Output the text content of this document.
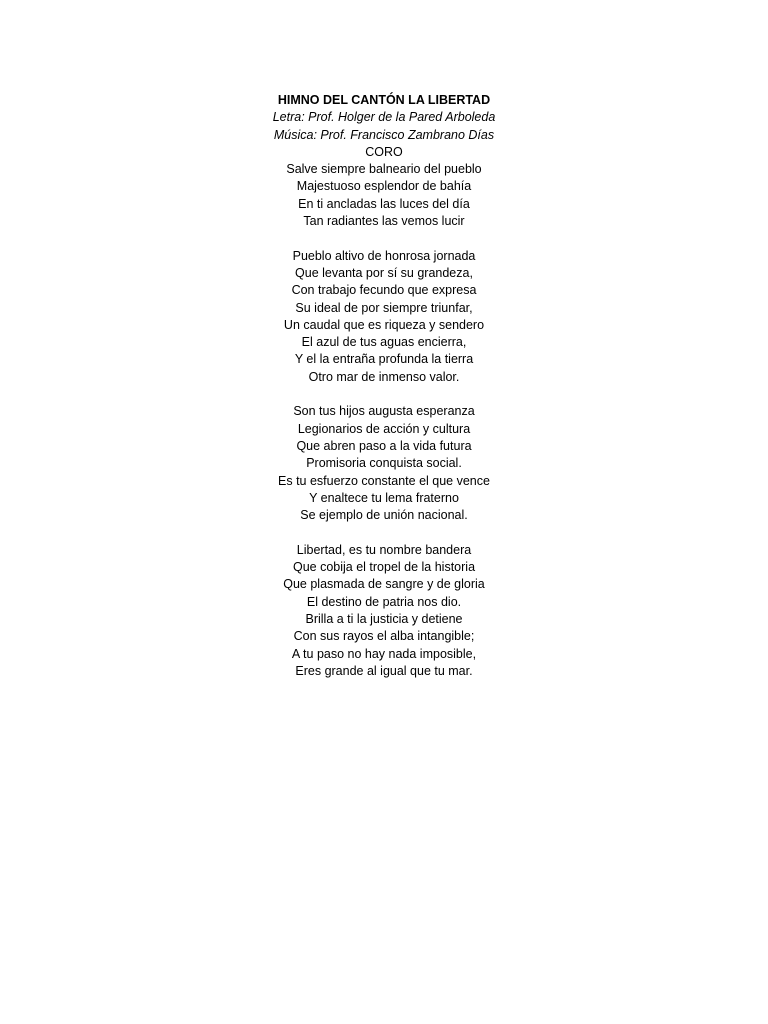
HIMNO DEL CANTÓN LA LIBERTAD
Letra: Prof. Holger de la Pared Arboleda
Música: Prof. Francisco Zambrano Días
CORO
Salve siempre balneario del pueblo
Majestuoso esplendor de bahía
En ti ancladas las luces del día
Tan radiantes las vemos lucir
Pueblo altivo de honrosa jornada
Que levanta por sí su grandeza,
Con trabajo fecundo que expresa
Su ideal de por siempre triunfar,
Un caudal que es riqueza y sendero
El azul de tus aguas encierra,
Y el la entraña profunda la tierra
Otro mar de inmenso valor.
Son tus hijos augusta esperanza
Legionarios de acción y cultura
Que abren paso a la vida futura
Promisoria conquista social.
Es tu esfuerzo constante el que vence
Y enaltece tu lema fraterno
Se ejemplo de unión nacional.
Libertad, es tu nombre bandera
Que cobija el tropel de la historia
Que plasmada de sangre y de gloria
El destino de patria nos dio.
Brilla a ti la justicia y detiene
Con sus rayos el alba intangible;
A tu paso no hay nada imposible,
Eres grande al igual que tu mar.
